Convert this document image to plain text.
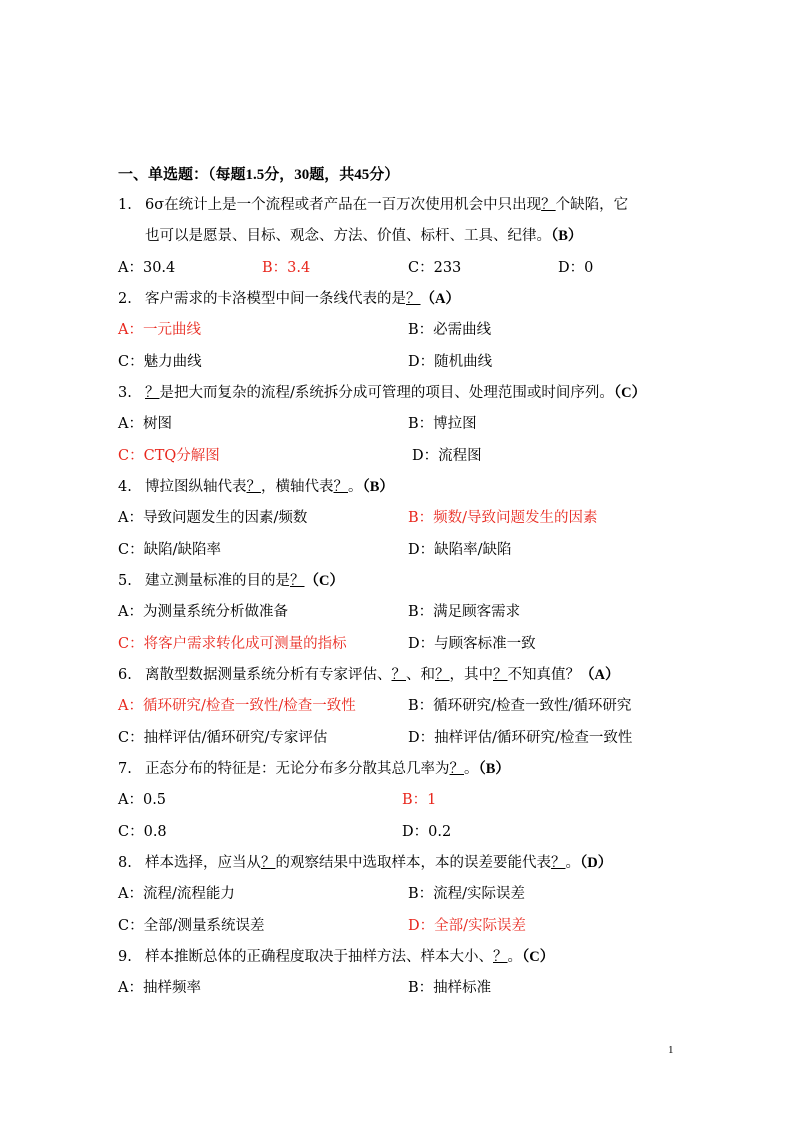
一、单选题：（每题1.5分，30题，共45分）
1. 6σ在统计上是一个流程或者产品在一百万次使用机会中只出现？个缺陷，它
也可以是愿景、目标、观念、方法、价值、标杆、工具、纪律。（B）
A：30.4	B：3.4	C：233	D：0
2. 客户需求的卡洛模型中间一条线代表的是？（A）
A：一元曲线	B：必需曲线
C：魅力曲线	D：随机曲线
3. ？是把大而复杂的流程/系统拆分成可管理的项目、处理范围或时间序列。（C）
A：树图	B：博拉图
C：CTQ分解图	D：流程图
4. 博拉图纵轴代表？，横轴代表？。（B）
A：导致问题发生的因素/频数	B：频数/导致问题发生的因素
C：缺陷/缺陷率	D：缺陷率/缺陷
5. 建立测量标准的目的是？（C）
A：为测量系统分析做准备	B：满足顾客需求
C：将客户需求转化成可测量的指标	D：与顾客标准一致
6. 离散型数据测量系统分析有专家评估、？、和？，其中？不知真值？（A）
A：循环研究/检查一致性/检查一致性	B：循环研究/检查一致性/循环研究
C：抽样评估/循环研究/专家评估	D：抽样评估/循环研究/检查一致性
7. 正态分布的特征是：无论分布多分散其总几率为？。（B）
A：0.5	B：1
C：0.8	D：0.2
8. 样本选择，应当从？的观察结果中选取样本，本的误差要能代表？。（D）
A：流程/流程能力	B：流程/实际误差
C：全部/测量系统误差	D：全部/实际误差
9. 样本推断总体的正确程度取决于抽样方法、样本大小、？。（C）
A：抽样频率	B：抽样标准
1
